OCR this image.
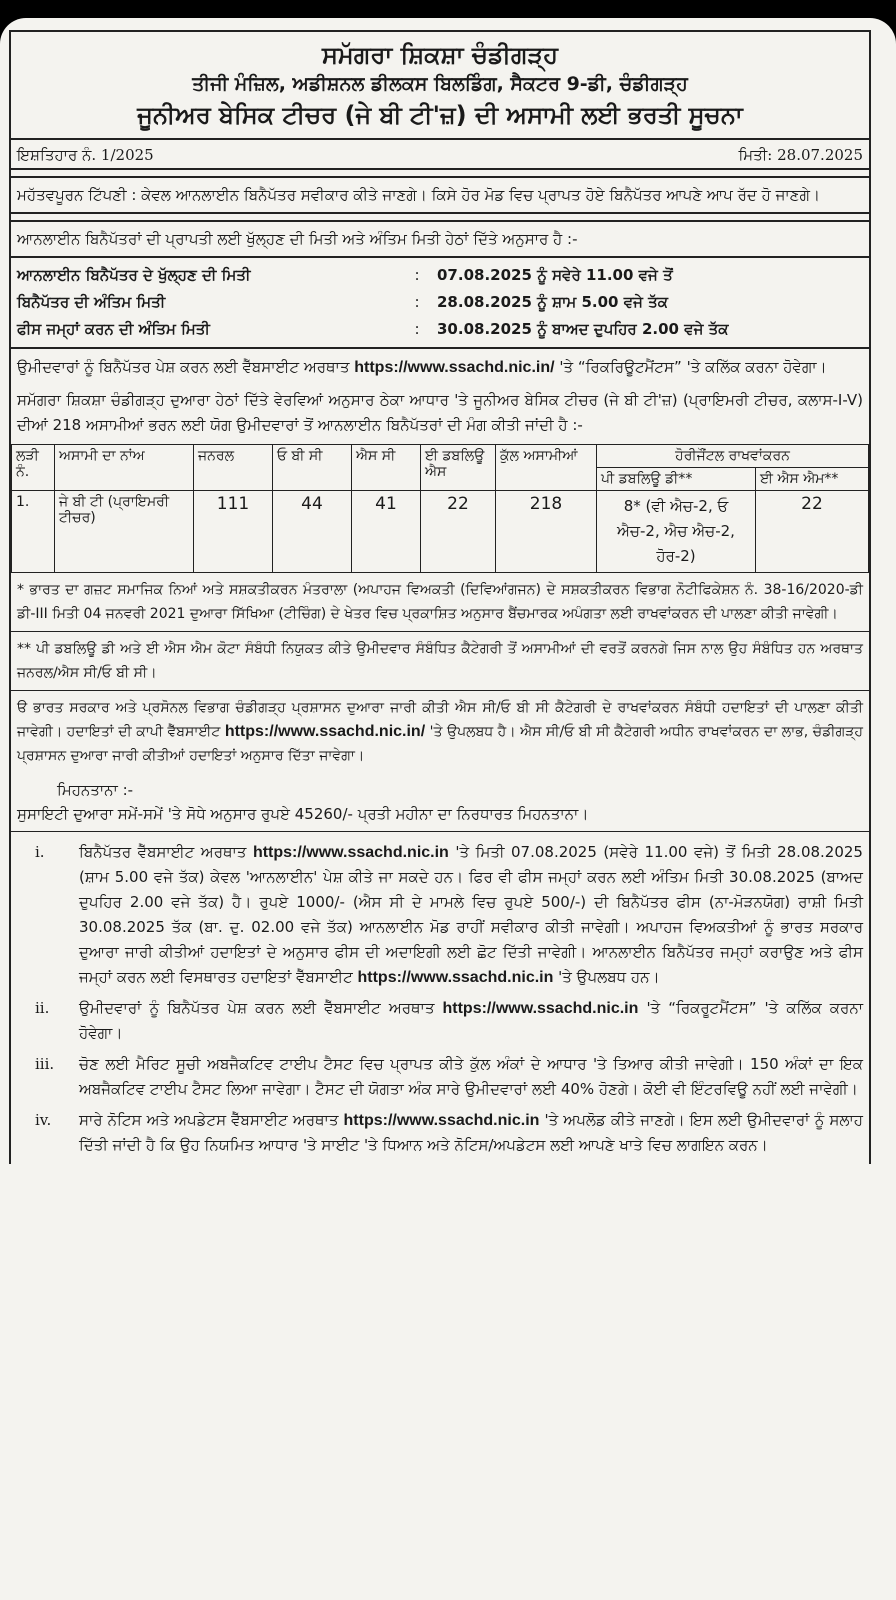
ਸਮੱਗਰਾ ਸ਼ਿਕਸ਼ਾ ਚੰਡੀਗੜ੍ਹ
ਤੀਜੀ ਮੰਜ਼ਿਲ, ਅਡੀਸ਼ਨਲ ਡੀਲਕਸ ਬਿਲਡਿੰਗ, ਸੈਕਟਰ 9-ਡੀ, ਚੰਡੀਗੜ੍ਹ
ਜੂਨੀਅਰ ਬੇਸਿਕ ਟੀਚਰ (ਜੇ ਬੀ ਟੀ'ਜ਼) ਦੀ ਅਸਾਮੀ ਲਈ ਭਰਤੀ ਸੂਚਨਾ
ਇਸ਼ਤਿਹਾਰ ਨੰ. 1/2025	ਮਿਤੀ: 28.07.2025
ਮਹੱਤਵਪੂਰਨ ਟਿੱਪਣੀ : ਕੇਵਲ ਆਨਲਾਈਨ ਬਿਨੈਪੱਤਰ ਸਵੀਕਾਰ ਕੀਤੇ ਜਾਣਗੇ। ਕਿਸੇ ਹੋਰ ਮੋਡ ਵਿਚ ਪ੍ਰਾਪਤ ਹੋਏ ਬਿਨੈਪੱਤਰ ਆਪਣੇ ਆਪ ਰੱਦ ਹੋ ਜਾਣਗੇ।
ਆਨਲਾਈਨ ਬਿਨੈਪੱਤਰਾਂ ਦੀ ਪ੍ਰਾਪਤੀ ਲਈ ਖੁੱਲ੍ਹਣ ਦੀ ਮਿਤੀ ਅਤੇ ਅੰਤਿਮ ਮਿਤੀ ਹੇਠਾਂ ਦਿੱਤੇ ਅਨੁਸਾਰ ਹੈ :-
ਆਨਲਾਈਨ ਬਿਨੈਪੱਤਰ ਦੇ ਖੁੱਲ੍ਹਣ ਦੀ ਮਿਤੀ	:	07.08.2025 ਨੂੰ ਸਵੇਰੇ 11.00 ਵਜੇ ਤੋਂ
ਬਿਨੈਪੱਤਰ ਦੀ ਅੰਤਿਮ ਮਿਤੀ	:	28.08.2025 ਨੂੰ ਸ਼ਾਮ 5.00 ਵਜੇ ਤੱਕ
ਫੀਸ ਜਮ੍ਹਾਂ ਕਰਨ ਦੀ ਅੰਤਿਮ ਮਿਤੀ	:	30.08.2025 ਨੂੰ ਬਾਅਦ ਦੁਪਹਿਰ 2.00 ਵਜੇ ਤੱਕ
ਉਮੀਦਵਾਰਾਂ ਨੂੰ ਬਿਨੈਪੱਤਰ ਪੇਸ਼ ਕਰਨ ਲਈ ਵੈੱਬਸਾਈਟ ਅਰਥਾਤ https://www.ssachd.nic.in/ 'ਤੇ “ਰਿਕਰਿਊਟਮੈਂਟਸ” 'ਤੇ ਕਲਿੱਕ ਕਰਨਾ ਹੋਵੇਗਾ।
ਸਮੱਗਰਾ ਸ਼ਿਕਸ਼ਾ ਚੰਡੀਗੜ੍ਹ ਦੁਆਰਾ ਹੇਠਾਂ ਦਿੱਤੇ ਵੇਰਵਿਆਂ ਅਨੁਸਾਰ ਠੇਕਾ ਆਧਾਰ 'ਤੇ ਜੂਨੀਅਰ ਬੇਸਿਕ ਟੀਚਰ (ਜੇ ਬੀ ਟੀ'ਜ਼) (ਪ੍ਰਾਇਮਰੀ ਟੀਚਰ, ਕਲਾਸ-I-V) ਦੀਆਂ 218 ਅਸਾਮੀਆਂ ਭਰਨ ਲਈ ਯੋਗ ਉਮੀਦਵਾਰਾਂ ਤੋਂ ਆਨਲਾਈਨ ਬਿਨੈਪੱਤਰਾਂ ਦੀ ਮੰਗ ਕੀਤੀ ਜਾਂਦੀ ਹੈ :-
ਲੜੀ ਨੰ.	ਅਸਾਮੀ ਦਾ ਨਾਂਅ	ਜਨਰਲ	ਓ ਬੀ ਸੀ	ਐਸ ਸੀ	ਈ ਡਬਲਿਊ ਐਸ	ਕੁੱਲ ਅਸਾਮੀਆਂ	ਹੋਰੀਜੌਂਟਲ ਰਾਖਵਾਂਕਰਨ	
							ਪੀ ਡਬਲਿਊ ਡੀ**	ਈ ਐਸ ਐਮ**
1.	ਜੇ ਬੀ ਟੀ (ਪ੍ਰਾਇਮਰੀ ਟੀਚਰ)	111	44	41	22	218	8* (ਵੀ ਐਚ-2, ਓ ਐਚ-2, ਐਚ ਐਚ-2, ਹੋਰ-2)	22
* ਭਾਰਤ ਦਾ ਗਜ਼ਟ ਸਮਾਜਿਕ ਨਿਆਂ ਅਤੇ ਸਸ਼ਕਤੀਕਰਨ ਮੰਤਰਾਲਾ (ਅਪਾਹਜ ਵਿਅਕਤੀ (ਦਿਵਿਆਂਗਜਨ) ਦੇ ਸਸ਼ਕਤੀਕਰਨ ਵਿਭਾਗ ਨੋਟੀਫਿਕੇਸ਼ਨ ਨੰ. 38-16/2020-ਡੀ ਡੀ-III ਮਿਤੀ 04 ਜਨਵਰੀ 2021 ਦੁਆਰਾ ਸਿੱਖਿਆ (ਟੀਚਿੰਗ) ਦੇ ਖੇਤਰ ਵਿਚ ਪ੍ਰਕਾਸ਼ਿਤ ਅਨੁਸਾਰ ਬੈਂਚਮਾਰਕ ਅਪੰਗਤਾ ਲਈ ਰਾਖਵਾਂਕਰਨ ਦੀ ਪਾਲਣਾ ਕੀਤੀ ਜਾਵੇਗੀ।
** ਪੀ ਡਬਲਿਊ ਡੀ ਅਤੇ ਈ ਐਸ ਐਮ ਕੋਟਾ ਸੰਬੰਧੀ ਨਿਯੁਕਤ ਕੀਤੇ ਉਮੀਦਵਾਰ ਸੰਬੰਧਿਤ ਕੈਟੇਗਰੀ ਤੋਂ ਅਸਾਮੀਆਂ ਦੀ ਵਰਤੋਂ ਕਰਨਗੇ ਜਿਸ ਨਾਲ ਉਹ ਸੰਬੰਧਿਤ ਹਨ ਅਰਥਾਤ ਜਨਰਲ/ਐਸ ਸੀ/ਓ ਬੀ ਸੀ।
ੳ ਭਾਰਤ ਸਰਕਾਰ ਅਤੇ ਪ੍ਰਸੋਨਲ ਵਿਭਾਗ ਚੰਡੀਗੜ੍ਹ ਪ੍ਰਸ਼ਾਸਨ ਦੁਆਰਾ ਜਾਰੀ ਕੀਤੀ ਐਸ ਸੀ/ਓ ਬੀ ਸੀ ਕੈਟੇਗਰੀ ਦੇ ਰਾਖਵਾਂਕਰਨ ਸੰਬੰਧੀ ਹਦਾਇਤਾਂ ਦੀ ਪਾਲਣਾ ਕੀਤੀ ਜਾਵੇਗੀ। ਹਦਾਇਤਾਂ ਦੀ ਕਾਪੀ ਵੈੱਬਸਾਈਟ https://www.ssachd.nic.in/ 'ਤੇ ਉਪਲਬਧ ਹੈ। ਐਸ ਸੀ/ਓ ਬੀ ਸੀ ਕੈਟੇਗਰੀ ਅਧੀਨ ਰਾਖਵਾਂਕਰਨ ਦਾ ਲਾਭ, ਚੰਡੀਗੜ੍ਹ ਪ੍ਰਸ਼ਾਸਨ ਦੁਆਰਾ ਜਾਰੀ ਕੀਤੀਆਂ ਹਦਾਇਤਾਂ ਅਨੁਸਾਰ ਦਿੱਤਾ ਜਾਵੇਗਾ।
ਮਿਹਨਤਾਨਾ :-
ਸੁਸਾਇਟੀ ਦੁਆਰਾ ਸਮੇਂ-ਸਮੇਂ 'ਤੇ ਸੋਧੇ ਅਨੁਸਾਰ ਰੁਪਏ 45260/- ਪ੍ਰਤੀ ਮਹੀਨਾ ਦਾ ਨਿਰਧਾਰਤ ਮਿਹਨਤਾਨਾ।
i.	ਬਿਨੈਪੱਤਰ ਵੈੱਬਸਾਈਟ ਅਰਥਾਤ https://www.ssachd.nic.in 'ਤੇ ਮਿਤੀ 07.08.2025 (ਸਵੇਰੇ 11.00 ਵਜੇ) ਤੋਂ ਮਿਤੀ 28.08.2025 (ਸ਼ਾਮ 5.00 ਵਜੇ ਤੱਕ) ਕੇਵਲ 'ਆਨਲਾਈਨ' ਪੇਸ਼ ਕੀਤੇ ਜਾ ਸਕਦੇ ਹਨ। ਫਿਰ ਵੀ ਫੀਸ ਜਮ੍ਹਾਂ ਕਰਨ ਲਈ ਅੰਤਿਮ ਮਿਤੀ 30.08.2025 (ਬਾਅਦ ਦੁਪਹਿਰ 2.00 ਵਜੇ ਤੱਕ) ਹੈ। ਰੁਪਏ 1000/- (ਐਸ ਸੀ ਦੇ ਮਾਮਲੇ ਵਿਚ ਰੁਪਏ 500/-) ਦੀ ਬਿਨੈਪੱਤਰ ਫੀਸ (ਨਾ-ਮੋੜਨਯੋਗ) ਰਾਸ਼ੀ ਮਿਤੀ 30.08.2025 ਤੱਕ (ਬਾ. ਦੁ. 02.00 ਵਜੇ ਤੱਕ) ਆਨਲਾਈਨ ਮੋਡ ਰਾਹੀਂ ਸਵੀਕਾਰ ਕੀਤੀ ਜਾਵੇਗੀ। ਅਪਾਹਜ ਵਿਅਕਤੀਆਂ ਨੂੰ ਭਾਰਤ ਸਰਕਾਰ ਦੁਆਰਾ ਜਾਰੀ ਕੀਤੀਆਂ ਹਦਾਇਤਾਂ ਦੇ ਅਨੁਸਾਰ ਫੀਸ ਦੀ ਅਦਾਇਗੀ ਲਈ ਛੋਟ ਦਿੱਤੀ ਜਾਵੇਗੀ। ਆਨਲਾਈਨ ਬਿਨੈਪੱਤਰ ਜਮ੍ਹਾਂ ਕਰਾਉਣ ਅਤੇ ਫੀਸ ਜਮ੍ਹਾਂ ਕਰਨ ਲਈ ਵਿਸਥਾਰਤ ਹਦਾਇਤਾਂ ਵੈੱਬਸਾਈਟ https://www.ssachd.nic.in 'ਤੇ ਉਪਲਬਧ ਹਨ।
ii.	ਉਮੀਦਵਾਰਾਂ ਨੂੰ ਬਿਨੈਪੱਤਰ ਪੇਸ਼ ਕਰਨ ਲਈ ਵੈੱਬਸਾਈਟ ਅਰਥਾਤ https://www.ssachd.nic.in 'ਤੇ “ਰਿਕਰੂਟਮੈਂਟਸ” 'ਤੇ ਕਲਿੱਕ ਕਰਨਾ ਹੋਵੇਗਾ।
iii.	ਚੋਣ ਲਈ ਮੈਰਿਟ ਸੂਚੀ ਅਬਜੈਕਟਿਵ ਟਾਈਪ ਟੈਸਟ ਵਿਚ ਪ੍ਰਾਪਤ ਕੀਤੇ ਕੁੱਲ ਅੰਕਾਂ ਦੇ ਆਧਾਰ 'ਤੇ ਤਿਆਰ ਕੀਤੀ ਜਾਵੇਗੀ। 150 ਅੰਕਾਂ ਦਾ ਇਕ ਅਬਜੈਕਟਿਵ ਟਾਈਪ ਟੈਸਟ ਲਿਆ ਜਾਵੇਗਾ। ਟੈਸਟ ਦੀ ਯੋਗਤਾ ਅੰਕ ਸਾਰੇ ਉਮੀਦਵਾਰਾਂ ਲਈ 40% ਹੋਣਗੇ। ਕੋਈ ਵੀ ਇੰਟਰਵਿਊ ਨਹੀਂ ਲਈ ਜਾਵੇਗੀ।
iv.	ਸਾਰੇ ਨੋਟਿਸ ਅਤੇ ਅਪਡੇਟਸ ਵੈੱਬਸਾਈਟ ਅਰਥਾਤ https://www.ssachd.nic.in 'ਤੇ ਅਪਲੋਡ ਕੀਤੇ ਜਾਣਗੇ। ਇਸ ਲਈ ਉਮੀਦਵਾਰਾਂ ਨੂੰ ਸਲਾਹ ਦਿੱਤੀ ਜਾਂਦੀ ਹੈ ਕਿ ਉਹ ਨਿਯਮਿਤ ਆਧਾਰ 'ਤੇ ਸਾਈਟ 'ਤੇ ਧਿਆਨ ਅਤੇ ਨੋਟਿਸ/ਅਪਡੇਟਸ ਲਈ ਆਪਣੇ ਖਾਤੇ ਵਿਚ ਲਾਗਇਨ ਕਰਨ।
